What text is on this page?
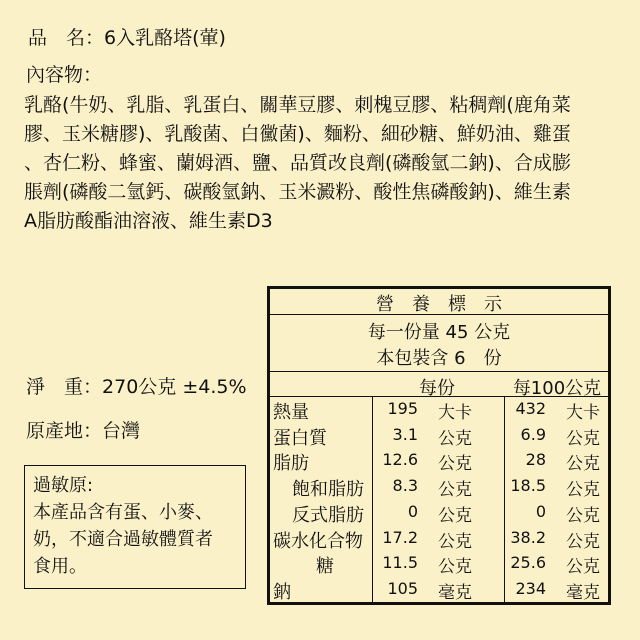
品　名：6入乳酪塔(葷)
內容物：
乳酪(牛奶、乳脂、乳蛋白、關華豆膠、刺槐豆膠、粘稠劑(鹿角菜
膠、玉米糖膠)、乳酸菌、白黴菌)、麵粉、細砂糖、鮮奶油、雞蛋
、杏仁粉、蜂蜜、蘭姆酒、鹽、品質改良劑(磷酸氫二鈉)、合成膨
脹劑(磷酸二氫鈣、碳酸氫鈉、玉米澱粉、酸性焦磷酸鈉)、維生素
A脂肪酸酯油溶液、維生素D3
淨　重：270公克 ±4.5%
原產地：台灣
過敏原:
本產品含有蛋、小麥、
奶，不適合過敏體質者
食用。
營　養　標　示
每一份量 45 公克
本包裝含 6　份
每份	每100公克
熱量	195 大卡	432 大卡
蛋白質	3.1 公克	6.9 公克
脂肪	12.6 公克	28 公克
飽和脂肪	8.3 公克	18.5 公克
反式脂肪	0 公克	0 公克
碳水化合物	17.2 公克	38.2 公克
糖	11.5 公克	25.6 公克
鈉	105 毫克	234 毫克
